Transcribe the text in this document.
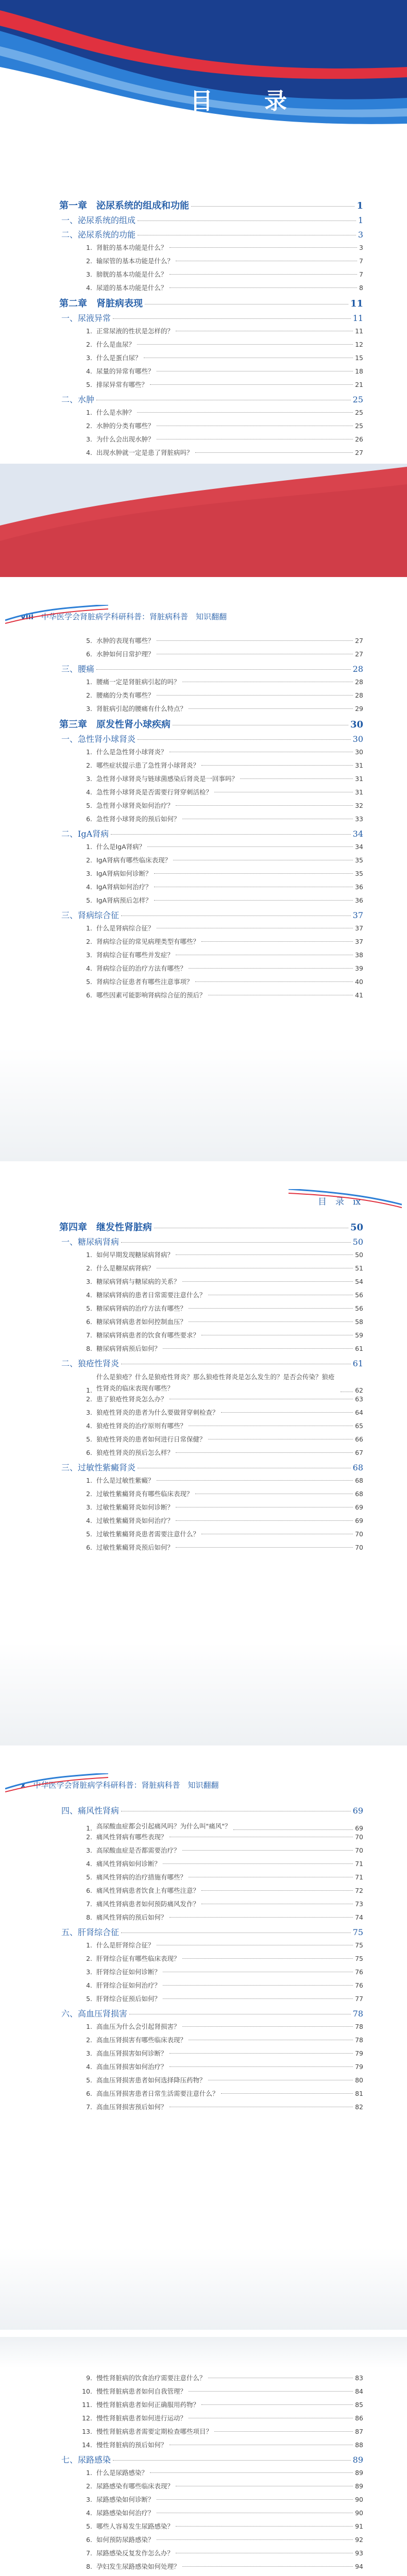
目　录
第一章　泌尿系统的组成和功能	1
一、泌尿系统的组成	1
二、泌尿系统的功能	3
1. 肾脏的基本功能是什么？	3
2. 输尿管的基本功能是什么？	7
3. 膀胱的基本功能是什么？	7
4. 尿道的基本功能是什么？	8
第二章　肾脏病表现	11
一、尿液异常	11
1. 正常尿液的性状是怎样的？	11
2. 什么是血尿？	12
3. 什么是蛋白尿？	15
4. 尿量的异常有哪些？	18
5. 排尿异常有哪些？	21
二、水肿	25
1. 什么是水肿？	25
2. 水肿的分类有哪些？	25
3. 为什么会出现水肿？	26
4. 出现水肿就一定是患了肾脏病吗？	27
viii 中华医学会肾脏病学科研科普：肾脏病科普　知识翻翻
5. 水肿的表现有哪些？	27
6. 水肿如何日常护理？	27
三、腰痛	28
1. 腰痛一定是肾脏病引起的吗？	28
2. 腰痛的分类有哪些？	28
3. 肾脏病引起的腰痛有什么特点？	29
第三章　原发性肾小球疾病	30
一、急性肾小球肾炎	30
1. 什么是急性肾小球肾炎？	30
2. 哪些症状提示患了急性肾小球肾炎？	31
3. 急性肾小球肾炎与链球菌感染后肾炎是一回事吗？	31
4. 急性肾小球肾炎是否需要行肾穿刺活检？	31
5. 急性肾小球肾炎如何治疗？	32
6. 急性肾小球肾炎的预后如何？	33
二、IgA肾病	34
1. 什么是IgA肾病？	34
2. IgA肾病有哪些临床表现？	35
3. IgA肾病如何诊断？	35
4. IgA肾病如何治疗？	36
5. IgA肾病预后怎样？	36
三、肾病综合征	37
1. 什么是肾病综合征？	37
2. 肾病综合征的常见病理类型有哪些？	37
3. 肾病综合征有哪些并发症？	38
4. 肾病综合征的治疗方法有哪些？	39
5. 肾病综合征患者有哪些注意事项？	40
6. 哪些因素可能影响肾病综合征的预后？	41
目　录　ix
第四章　继发性肾脏病	50
一、糖尿病肾病	50
1. 如何早期发现糖尿病肾病？	50
2. 什么是糖尿病肾病？	51
3. 糖尿病肾病与糖尿病的关系？	54
4. 糖尿病肾病的患者日常需要注意什么？	56
5. 糖尿病肾病的治疗方法有哪些？	56
6. 糖尿病肾病患者如何控制血压？	58
7. 糖尿病肾病患者的饮食有哪些要求？	59
8. 糖尿病肾病预后如何？	61
二、狼疮性肾炎	61
1.
什么是狼疮？什么是狼疮性肾炎？那么狼疮性肾炎是怎么发生的？是否会传染？狼疮性肾炎的临床表现有哪些？	62
2. 患了狼疮性肾炎怎么办？	63
3. 狼疮性肾炎的患者为什么要做肾穿刺检查？	64
4. 狼疮性肾炎的治疗原则有哪些？	65
5. 狼疮性肾炎的患者如何进行日常保健？	66
6. 狼疮性肾炎的预后怎么样？	67
三、过敏性紫癜肾炎	68
1. 什么是过敏性紫癜？	68
2. 过敏性紫癜肾炎有哪些临床表现？	68
3. 过敏性紫癜肾炎如何诊断？	69
4. 过敏性紫癜肾炎如何治疗？	69
5. 过敏性紫癜肾炎患者需要注意什么？	70
6. 过敏性紫癜肾炎预后如何？	70
x 中华医学会肾脏病学科研科普：肾脏病科普　知识翻翻
四、痛风性肾病	69
1. 高尿酸血症都会引起痛风吗？为什么叫"痛风"？	69
2. 痛风性肾病有哪些表现？	70
3. 高尿酸血症是否都需要治疗？	70
4. 痛风性肾病如何诊断？	71
5. 痛风性肾病的治疗措施有哪些？	71
6. 痛风性肾病患者饮食上有哪些注意？	72
7. 痛风性肾病患者如何预防痛风发作？	73
8. 痛风性肾病的预后如何？	74
五、肝肾综合征	75
1. 什么是肝肾综合征？	75
2. 肝肾综合征有哪些临床表现？	75
3. 肝肾综合征如何诊断？	76
4. 肝肾综合征如何治疗？	76
5. 肝肾综合征预后如何？	77
六、高血压肾损害	78
1. 高血压为什么会引起肾损害？	78
2. 高血压肾损害有哪些临床表现？	78
3. 高血压肾损害如何诊断？	79
4. 高血压肾损害如何治疗？	79
5. 高血压肾损害患者如何选择降压药物？	80
6. 高血压肾损害患者日常生活需要注意什么？	81
7. 高血压肾损害预后如何？	82
9. 慢性肾脏病的饮食治疗需要注意什么？	83
10. 慢性肾脏病患者如何自我管理？	84
11. 慢性肾脏病患者如何正确服用药物？	85
12. 慢性肾脏病患者如何进行运动？	86
13. 慢性肾脏病患者需要定期检查哪些项目？	87
14. 慢性肾脏病的预后如何？	88
七、尿路感染	89
1. 什么是尿路感染？	89
2. 尿路感染有哪些临床表现？	89
3. 尿路感染如何诊断？	90
4. 尿路感染如何治疗？	90
5. 哪些人容易发生尿路感染？	91
6. 如何预防尿路感染？	92
7. 尿路感染反复发作怎么办？	93
8. 孕妇发生尿路感染如何处理？	94
